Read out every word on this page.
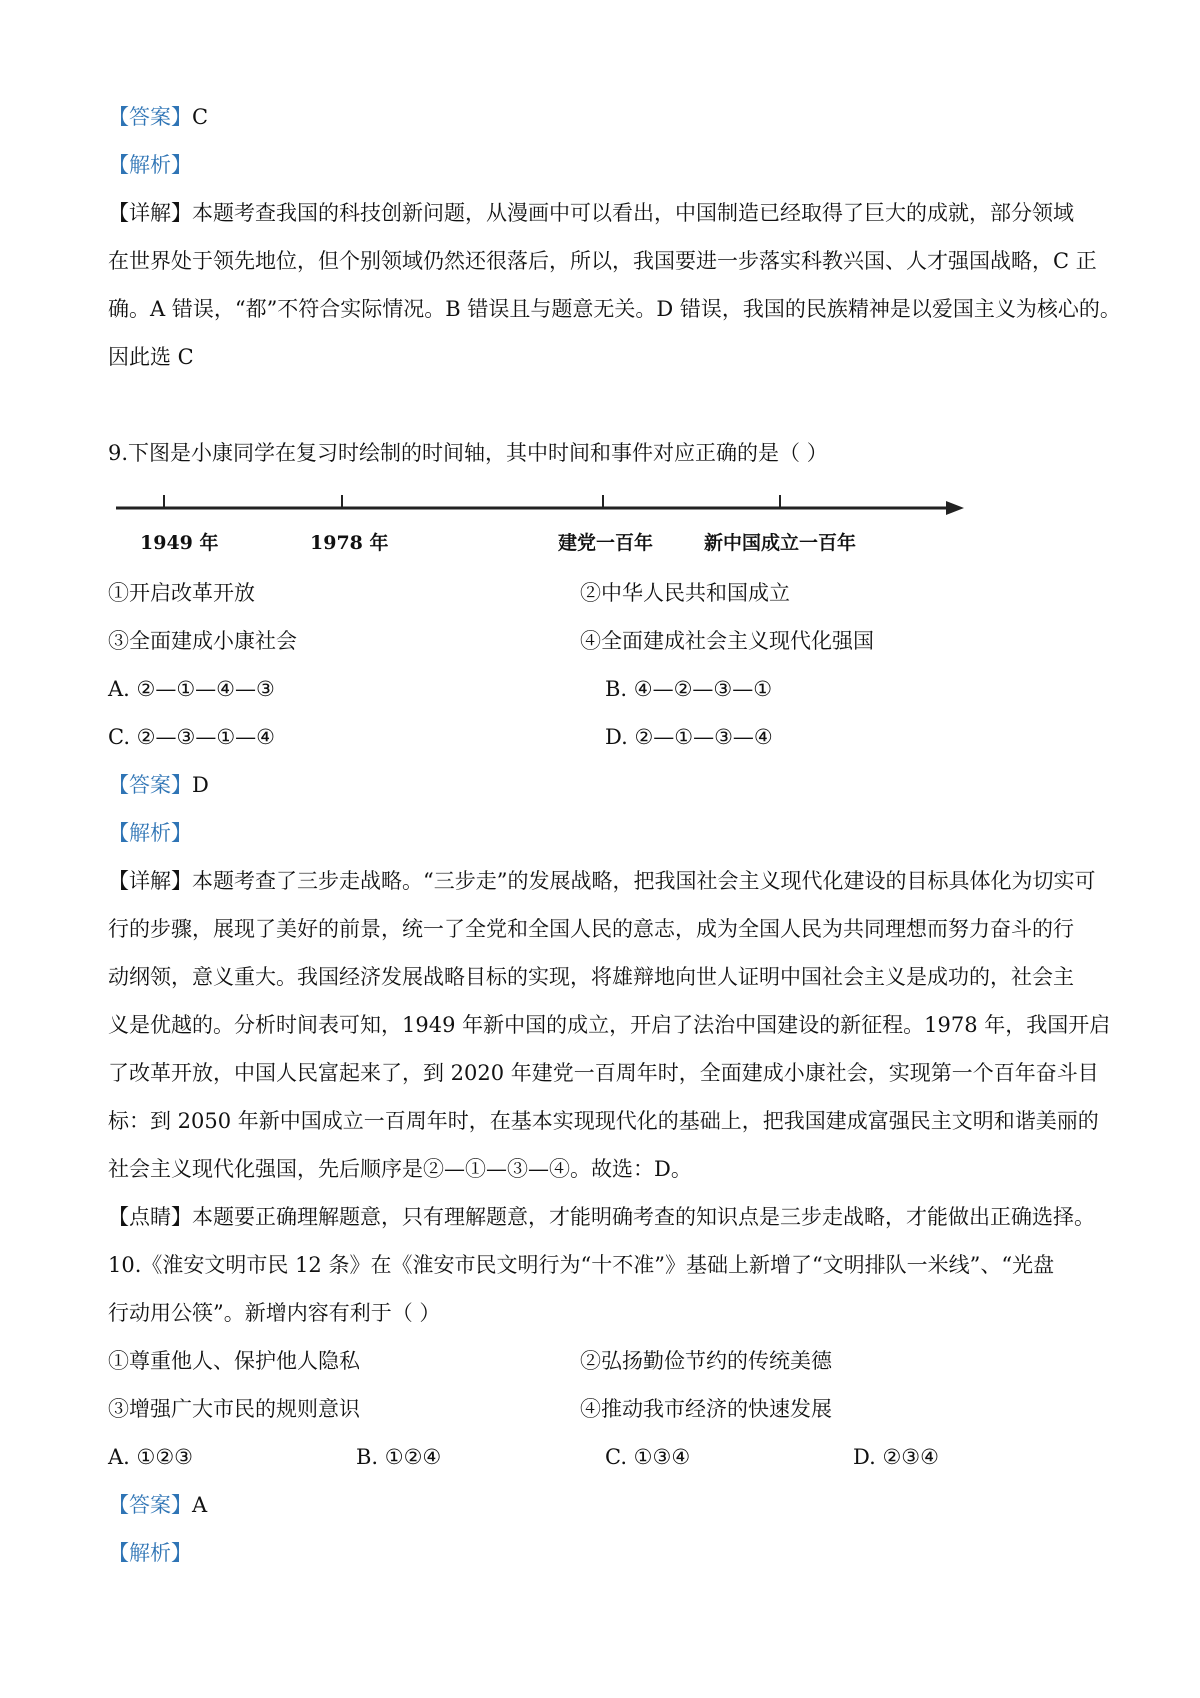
【答案】C
【解析】
【详解】本题考查我国的科技创新问题，从漫画中可以看出，中国制造已经取得了巨大的成就，部分领域
在世界处于领先地位，但个别领域仍然还很落后，所以，我国要进一步落实科教兴国、人才强国战略，C 正
确。A 错误，“都”不符合实际情况。B 错误且与题意无关。D 错误，我国的民族精神是以爱国主义为核心的。
因此选 C
9.下图是小康同学在复习时绘制的时间轴，其中时间和事件对应正确的是（ ）
1949 年	1978 年	建党一百年	新中国成立一百年
①开启改革开放	②中华人民共和国成立
③全面建成小康社会	④全面建成社会主义现代化强国
A. ②—①—④—③	B. ④—②—③—①
C. ②—③—①—④	D. ②—①—③—④
【答案】D
【解析】
【详解】本题考查了三步走战略。“三步走”的发展战略，把我国社会主义现代化建设的目标具体化为切实可
行的步骤，展现了美好的前景，统一了全党和全国人民的意志，成为全国人民为共同理想而努力奋斗的行
动纲领，意义重大。我国经济发展战略目标的实现，将雄辩地向世人证明中国社会主义是成功的，社会主
义是优越的。分析时间表可知，1949 年新中国的成立，开启了法治中国建设的新征程。1978 年，我国开启
了改革开放，中国人民富起来了，到 2020 年建党一百周年时，全面建成小康社会，实现第一个百年奋斗目
标：到 2050 年新中国成立一百周年时，在基本实现现代化的基础上，把我国建成富强民主文明和谐美丽的
社会主义现代化强国，先后顺序是②—①—③—④。故选：D。
【点睛】本题要正确理解题意，只有理解题意，才能明确考查的知识点是三步走战略，才能做出正确选择。
10.《淮安文明市民 12 条》在《淮安市民文明行为“十不准”》基础上新增了“文明排队一米线”、“光盘
行动用公筷”。新增内容有利于（ ）
①尊重他人、保护他人隐私	②弘扬勤俭节约的传统美德
③增强广大市民的规则意识	④推动我市经济的快速发展
A. ①②③	B. ①②④	C. ①③④	D. ②③④
【答案】A
【解析】
